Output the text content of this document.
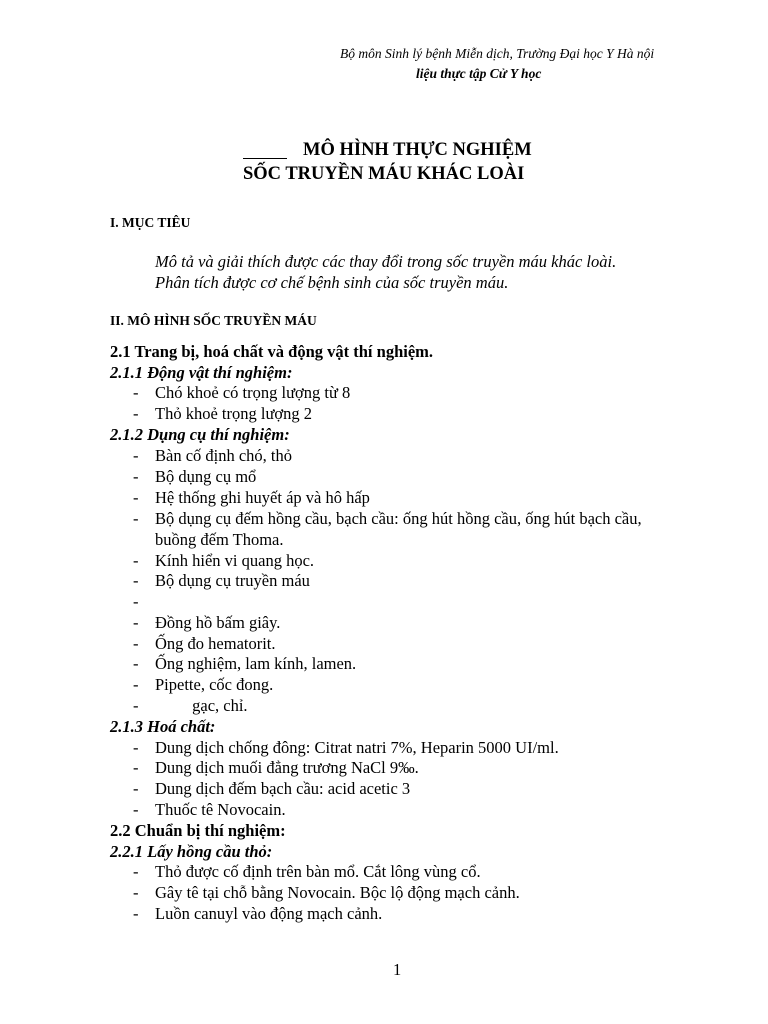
Bộ môn Sinh lý bệnh Miễn dịch, Trường Đại học Y Hà nội
liệu thực tập Cử Y học
MÔ HÌNH THỰC NGHIỆM
SỐC TRUYỀN MÁU KHÁC LOÀI
I. MỤC TIÊU
Mô tả và giải thích được các thay đổi trong sốc truyền máu khác loài.
Phân tích được cơ chế bệnh sinh của sốc truyền máu.
II. MÔ HÌNH SỐC TRUYỀN MÁU
2.1 Trang bị, hoá chất và động vật thí nghiệm.
2.1.1 Động vật thí nghiệm:
- Chó khoẻ có trọng lượng từ 8
- Thỏ khoẻ trọng lượng 2
2.1.2 Dụng cụ thí nghiệm:
- Bàn cố định chó, thỏ
- Bộ dụng cụ mổ
- Hệ thống ghi huyết áp và hô hấp
- Bộ dụng cụ đếm hồng cầu, bạch cầu: ống hút hồng cầu, ống hút bạch cầu,
buồng đếm Thoma.
- Kính hiển vi quang học.
- Bộ dụng cụ truyền máu
-
- Đồng hồ bấm giây.
- Ống đo hematorit.
- Ống nghiệm, lam kính, lamen.
- Pipette, cốc đong.
- gạc, chỉ.
2.1.3 Hoá chất:
- Dung dịch chống đông: Citrat natri 7%, Heparin 5000 UI/ml.
- Dung dịch muối đẳng trương NaCl 9‰.
- Dung dịch đếm bạch cầu: acid acetic 3
- Thuốc tê Novocain.
2.2 Chuẩn bị thí nghiệm:
2.2.1 Lấy hồng cầu thỏ:
- Thỏ được cố định trên bàn mổ. Cắt lông vùng cổ.
- Gây tê tại chỗ bằng Novocain. Bộc lộ động mạch cảnh.
- Luồn canuyl vào động mạch cảnh.
1
